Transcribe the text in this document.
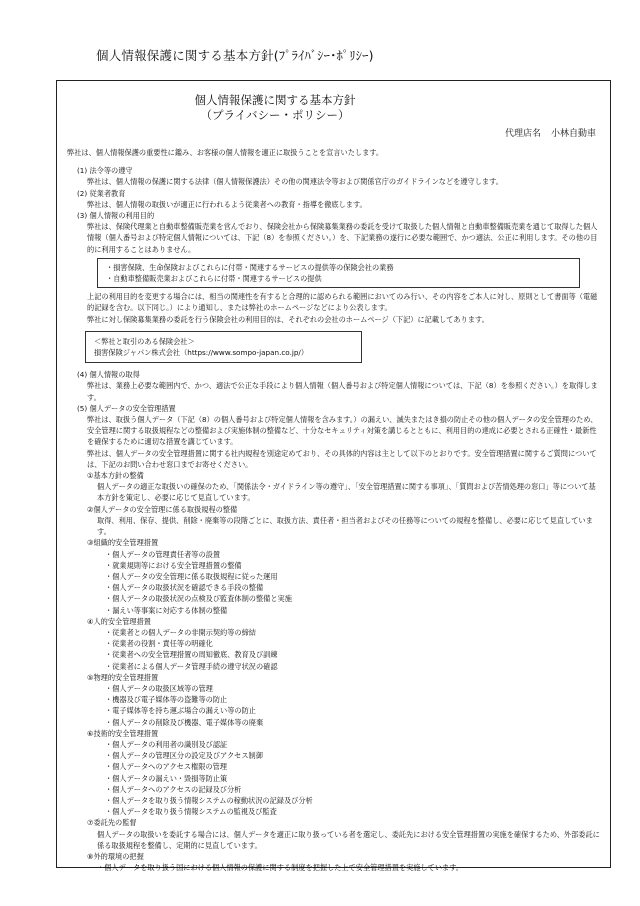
個人情報保護に関する基本方針(ﾌﾟﾗｲﾊﾞｼｰ･ﾎﾟﾘｼｰ)
個人情報保護に関する基本方針
（プライバシー・ポリシー）
代理店名 小林自動車

弊社は、個人情報保護の重要性に鑑み、お客様の個人情報を適正に取扱うことを宣言いたします。

(1) 法令等の遵守

弊社は、個人情報の保護に関する法律（個人情報保護法）その他の関連法令等および関係官庁のガイドラインなどを遵守します。

(2) 従業者教育

弊社は、個人情報の取扱いが適正に行われるよう従業者への教育・指導を徹底します。

(3) 個人情報の利用目的

弊社は、保険代理業と自動車整備販売業を営んでおり、保険会社から保険募集業務の委託を受けて取扱した個人情報と自動車整備販売業を通じて取得した個人情報（個人番号および特定個人情報については、下記（8）を参照ください。）を、下記業務の遂行に必要な範囲で、かつ適法、公正に利用します。その他の目的に利用することはありません。

・損害保険、生命保険およびこれらに付帯・関連するサービスの提供等の保険会社の業務

・自動車整備販売業およびこれらに付帯・関連するサービスの提供

上記の利用目的を変更する場合には、相当の関連性を有すると合理的に認められる範囲においてのみ行い、その内容をご本人に対し、原則として書面等（電磁的記録を含む。以下同じ。）により通知し、または弊社のホームページなどにより公表します。

弊社に対し保険募集業務の委託を行う保険会社の利用目的は、それぞれの会社のホームページ（下記）に記載してあります。

＜弊社と取引のある保険会社＞

損害保険ジャパン株式会社（https://www.sompo-japan.co.jp/）

(4) 個人情報の取得

弊社は、業務上必要な範囲内で、かつ、適法で公正な手段により個人情報（個人番号および特定個人情報については、下記（8）を参照ください。）を取得します。

(5) 個人データの安全管理措置

弊社は、取扱う個人データ（下記（8）の個人番号および特定個人情報を含みます。）の漏えい、滅失またはき損の防止その他の個人データの安全管理のため、安全管理に関する取扱規程などの整備および実施体制の整備など、十分なセキュリティ対策を講じるとともに、利用目的の達成に必要とされる正確性・最新性を確保するために適切な措置を講じています。

弊社は、個人データの安全管理措置に関する社内規程を別途定めており、その具体的内容は主として以下のとおりです。安全管理措置に関するご質問については、下記のお問い合わせ窓口までお寄せください。

①基本方針の整備

個人データの適正な取扱いの確保のため、「関係法令・ガイドライン等の遵守」、「安全管理措置に関する事項」、「質問および苦情処理の窓口」等について基本方針を策定し、必要に応じて見直しています。

②個人データの安全管理に係る取扱規程の整備

取得、利用、保存、提供、削除・廃棄等の段階ごとに、取扱方法、責任者・担当者およびその任務等についての規程を整備し、必要に応じて見直しています。

③組織的安全管理措置

・個人データの管理責任者等の設置

・就業規則等における安全管理措置の整備

・個人データの安全管理に係る取扱規程に従った運用

・個人データの取扱状況を確認できる手段の整備

・個人データの取扱状況の点検及び監査体制の整備と実施

・漏えい等事案に対応する体制の整備

④人的安全管理措置

・従業者との個人データの非開示契約等の締結

・従業者の役割・責任等の明確化

・従業者への安全管理措置の周知徹底、教育及び訓練

・従業者による個人データ管理手続の遵守状況の確認

⑤物理的安全管理措置

・個人データの取扱区域等の管理

・機器及び電子媒体等の盗難等の防止

・電子媒体等を持ち運ぶ場合の漏えい等の防止

・個人データの削除及び機器、電子媒体等の廃棄

⑥技術的安全管理措置

・個人データの利用者の識別及び認証

・個人データの管理区分の設定及びアクセス制御

・個人データへのアクセス権限の管理

・個人データの漏えい・毀損等防止策

・個人データへのアクセスの記録及び分析

・個人データを取り扱う情報システムの稼動状況の記録及び分析

・個人データを取り扱う情報システムの監視及び監査

⑦委託先の監督

個人データの取扱いを委託する場合には、個人データを適正に取り扱っている者を選定し、委託先における安全管理措置の実施を確保するため、外部委託に係る取扱規程を整備し、定期的に見直しています。

⑧外的環境の把握

・個人データを取り扱う国における個人情報の保護に関する制度を把握した上で安全管理措置を実施しています。
